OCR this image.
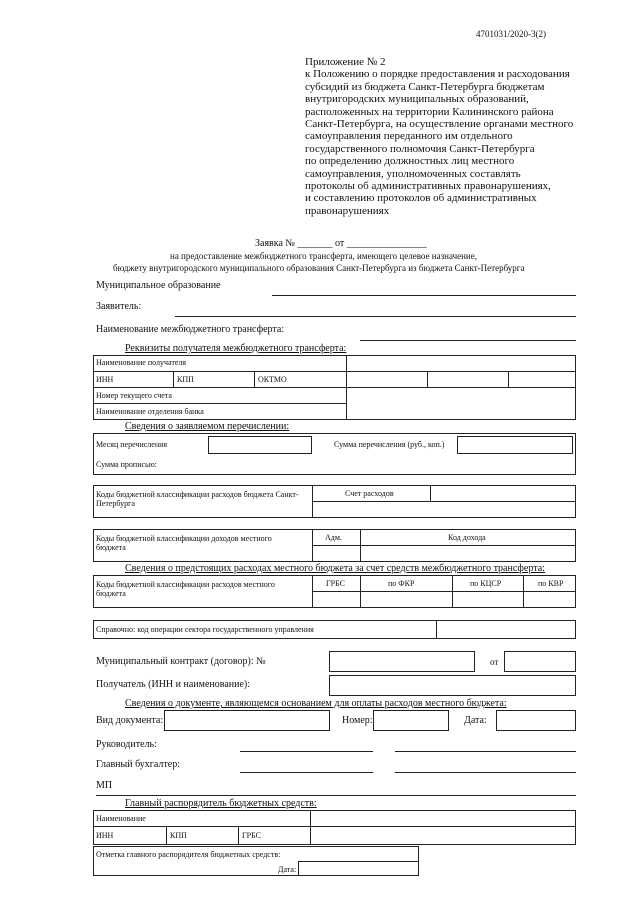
4701031/2020-3(2)
Приложение № 2
к Положению о порядке предоставления и расходования
субсидий из бюджета Санкт-Петербурга бюджетам
внутригородских муниципальных образований,
расположенных на территории Калининского района
Санкт-Петербурга, на осуществление органами местного
самоуправления переданного им отдельного
государственного полномочия Санкт-Петербурга
по определению должностных лиц местного
самоуправления, уполномоченных составлять
протоколы об административных правонарушениях,
и составлению протоколов об административных
правонарушениях
Заявка № _______ от ________________
на предоставление межбюджетного трансферта, имеющего целевое назначение,
бюджету внутригородского муниципального образования Санкт-Петербурга из бюджета Санкт-Петербурга
Муниципальное образование
Заявитель:
Наименование межбюджетного трансферта:
Реквизиты получателя межбюджетного трансферта:
Наименование получателя
ИНН	КПП	ОКТМО
Номер текущего счета
Наименование отделения банка
Сведения о заявляемом перечислении:
Месяц перечисления	Сумма перечисления (руб., коп.)
Сумма прописью:
Коды бюджетной классификации расходов бюджета Санкт-Петербурга
Счет расходов
Коды бюджетной классификации доходов местного бюджета
Адм.	Код дохода
Сведения о предстоящих расходах местного бюджета за счет средств межбюджетного трансферта:
Коды бюджетной классификации расходов местного бюджета
ГРБС	по ФКР	по КЦСР	по КВР
Справочно: код операции сектора государственного управления
Муниципальный контракт (договор): №	от
Получатель (ИНН и наименование):
Сведения о документе, являющемся основанием для оплаты расходов местного бюджета:
Вид документа:	Номер:	Дата:
Руководитель:
Главный бухгалтер:
МП
Главный распорядитель бюджетных средств:
Наименование
ИНН	КПП	ГРБС
Отметка главного распорядителя бюджетных средств:
Дата:
